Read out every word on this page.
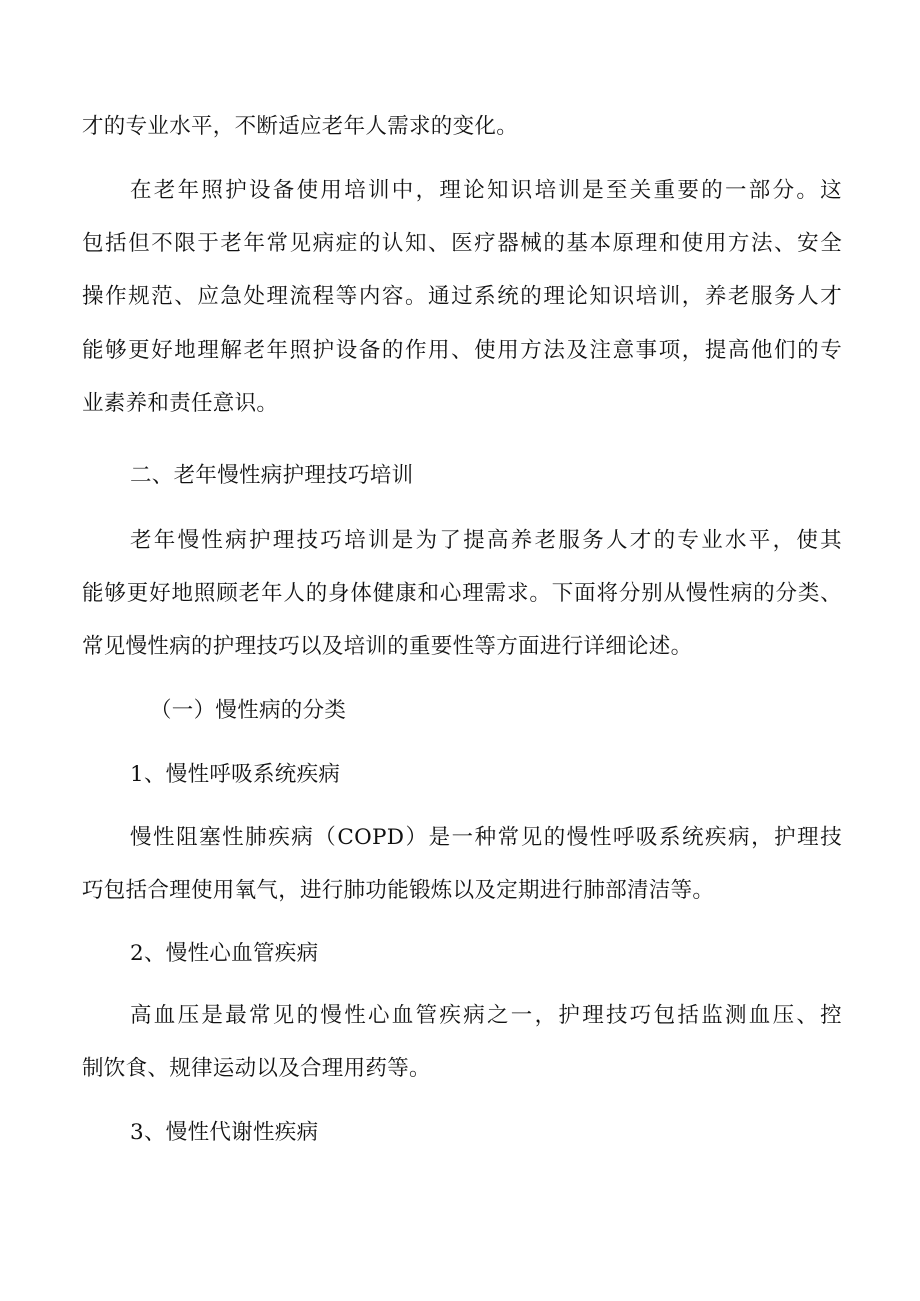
才的专业水平，不断适应老年人需求的变化。
在老年照护设备使用培训中，理论知识培训是至关重要的一部分。这
包括但不限于老年常见病症的认知、医疗器械的基本原理和使用方法、安全
操作规范、应急处理流程等内容。通过系统的理论知识培训，养老服务人才
能够更好地理解老年照护设备的作用、使用方法及注意事项，提高他们的专
业素养和责任意识。
二、老年慢性病护理技巧培训
老年慢性病护理技巧培训是为了提高养老服务人才的专业水平，使其
能够更好地照顾老年人的身体健康和心理需求。下面将分别从慢性病的分类、
常见慢性病的护理技巧以及培训的重要性等方面进行详细论述。
（一）慢性病的分类
1、慢性呼吸系统疾病
慢性阻塞性肺疾病（COPD）是一种常见的慢性呼吸系统疾病，护理技
巧包括合理使用氧气，进行肺功能锻炼以及定期进行肺部清洁等。
2、慢性心血管疾病
高血压是最常见的慢性心血管疾病之一，护理技巧包括监测血压、控
制饮食、规律运动以及合理用药等。
3、慢性代谢性疾病
